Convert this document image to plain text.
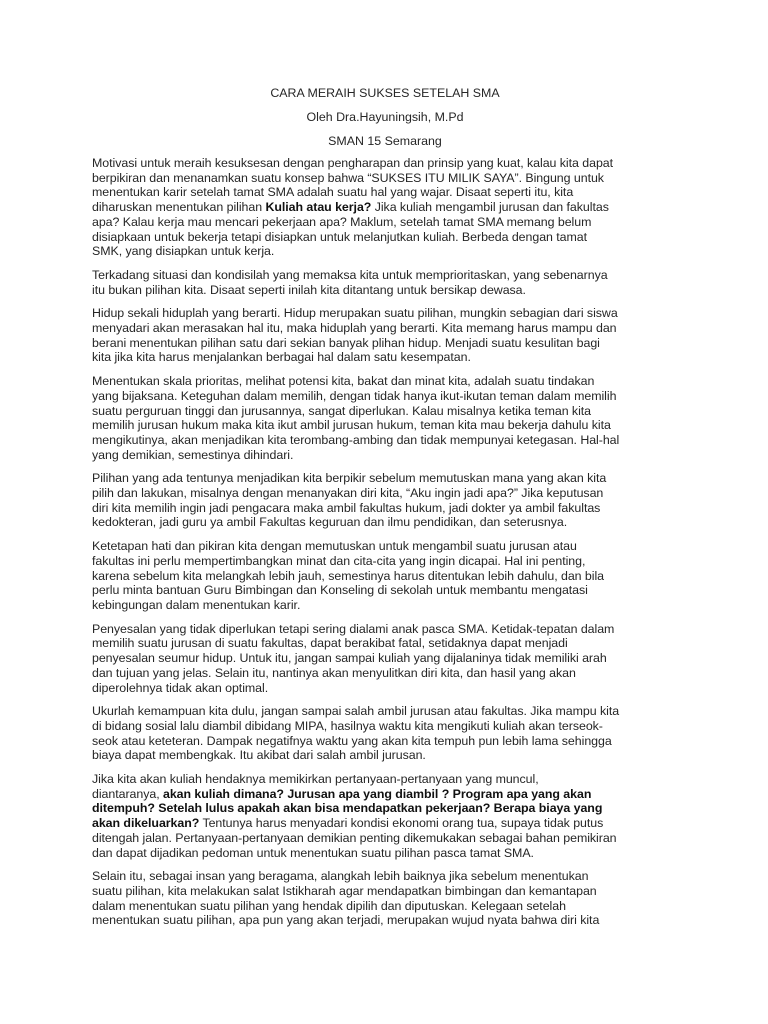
CARA MERAIH SUKSES SETELAH SMA
Oleh Dra.Hayuningsih, M.Pd
SMAN 15 Semarang

Motivasi untuk meraih kesuksesan dengan pengharapan dan prinsip yang kuat, kalau kita dapat
berpikiran dan menanamkan suatu konsep bahwa “SUKSES ITU MILIK SAYA”. Bingung untuk
menentukan karir setelah tamat SMA adalah suatu hal yang wajar. Disaat seperti itu, kita
diharuskan menentukan pilihan Kuliah atau kerja? Jika kuliah mengambil jurusan dan fakultas
apa? Kalau kerja mau mencari pekerjaan apa? Maklum, setelah tamat SMA memang belum
disiapkaan untuk bekerja tetapi disiapkan untuk melanjutkan kuliah. Berbeda dengan tamat
SMK, yang disiapkan untuk kerja.

Terkadang situasi dan kondisilah yang memaksa kita untuk memprioritaskan, yang sebenarnya
itu bukan pilihan kita. Disaat seperti inilah kita ditantang untuk bersikap dewasa.

Hidup sekali hiduplah yang berarti. Hidup merupakan suatu pilihan, mungkin sebagian dari siswa
menyadari akan merasakan hal itu, maka hiduplah yang berarti. Kita memang harus mampu dan
berani menentukan pilihan satu dari sekian banyak plihan hidup. Menjadi suatu kesulitan bagi
kita jika kita harus menjalankan berbagai hal dalam satu kesempatan.

Menentukan skala prioritas, melihat potensi kita, bakat dan minat kita, adalah suatu tindakan
yang bijaksana. Keteguhan dalam memilih, dengan tidak hanya ikut-ikutan teman dalam memilih
suatu perguruan tinggi dan jurusannya, sangat diperlukan. Kalau misalnya ketika teman kita
memilih jurusan hukum maka kita ikut ambil jurusan hukum, teman kita mau bekerja dahulu kita
mengikutinya, akan menjadikan kita terombang-ambing dan tidak mempunyai ketegasan. Hal-hal
yang demikian, semestinya dihindari.

Pilihan yang ada tentunya menjadikan kita berpikir sebelum memutuskan mana yang akan kita
pilih dan lakukan, misalnya dengan menanyakan diri kita, “Aku ingin jadi apa?” Jika keputusan
diri kita memilih ingin jadi pengacara maka ambil fakultas hukum, jadi dokter ya ambil fakultas
kedokteran, jadi guru ya ambil Fakultas keguruan dan ilmu pendidikan, dan seterusnya.

Ketetapan hati dan pikiran kita dengan memutuskan untuk mengambil suatu jurusan atau
fakultas ini perlu mempertimbangkan minat dan cita-cita yang ingin dicapai. Hal ini penting,
karena sebelum kita melangkah lebih jauh, semestinya harus ditentukan lebih dahulu, dan bila
perlu minta bantuan Guru Bimbingan dan Konseling di sekolah untuk membantu mengatasi
kebingungan dalam menentukan karir.

Penyesalan yang tidak diperlukan tetapi sering dialami anak pasca SMA. Ketidak-tepatan dalam
memilih suatu jurusan di suatu fakultas, dapat berakibat fatal, setidaknya dapat menjadi
penyesalan seumur hidup. Untuk itu, jangan sampai kuliah yang dijalaninya tidak memiliki arah
dan tujuan yang jelas. Selain itu, nantinya akan menyulitkan diri kita, dan hasil yang akan
diperolehnya tidak akan optimal.

Ukurlah kemampuan kita dulu, jangan sampai salah ambil jurusan atau fakultas. Jika mampu kita
di bidang sosial lalu diambil dibidang MIPA, hasilnya waktu kita mengikuti kuliah akan terseok-
seok atau keteteran. Dampak negatifnya waktu yang akan kita tempuh pun lebih lama sehingga
biaya dapat membengkak. Itu akibat dari salah ambil jurusan.

Jika kita akan kuliah hendaknya memikirkan pertanyaan-pertanyaan yang muncul,
diantaranya, akan kuliah dimana? Jurusan apa yang diambil ? Program apa yang akan
ditempuh? Setelah lulus apakah akan bisa mendapatkan pekerjaan? Berapa biaya yang
akan dikeluarkan? Tentunya harus menyadari kondisi ekonomi orang tua, supaya tidak putus
ditengah jalan. Pertanyaan-pertanyaan demikian penting dikemukakan sebagai bahan pemikiran
dan dapat dijadikan pedoman untuk menentukan suatu pilihan pasca tamat SMA.

Selain itu, sebagai insan yang beragama, alangkah lebih baiknya jika sebelum menentukan
suatu pilihan, kita melakukan salat Istikharah agar mendapatkan bimbingan dan kemantapan
dalam menentukan suatu pilihan yang hendak dipilih dan diputuskan. Kelegaan setelah
menentukan suatu pilihan, apa pun yang akan terjadi, merupakan wujud nyata bahwa diri kita
